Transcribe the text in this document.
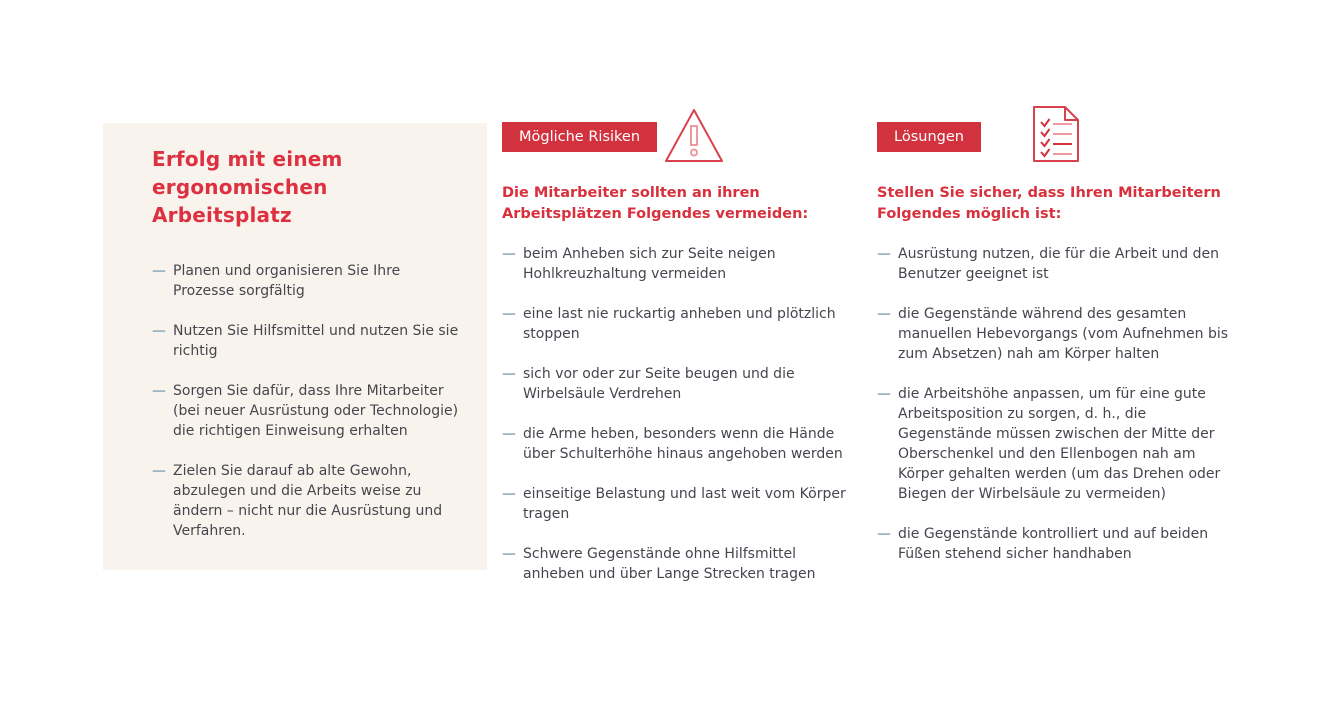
Erfolg mit einem ergonomischen Arbeitsplatz
— Planen und organisieren Sie Ihre Prozesse sorgfältig
— Nutzen Sie Hilfsmittel und nutzen Sie sie richtig
— Sorgen Sie dafür, dass Ihre Mitarbeiter (bei neuer Ausrüstung oder Technologie) die richtigen Einweisung erhalten
— Zielen Sie darauf ab alte Gewohn, abzulegen und die Arbeits weise zu ändern – nicht nur die Ausrüstung und Verfahren.
Mögliche Risiken
Die Mitarbeiter sollten an ihren Arbeitsplätzen Folgendes vermeiden:
— beim Anheben sich zur Seite neigen Hohlkreuzhaltung vermeiden
— eine last nie ruckartig anheben und plötzlich stoppen
— sich vor oder zur Seite beugen und die Wirbelsäule Verdrehen
— die Arme heben, besonders wenn die Hände über Schulterhöhe hinaus angehoben werden
— einseitige Belastung und last weit vom Körper tragen
— Schwere Gegenstände ohne Hilfsmittel anheben und über Lange Strecken tragen
Lösungen
Stellen Sie sicher, dass Ihren Mitarbeitern Folgendes möglich ist:
— Ausrüstung nutzen, die für die Arbeit und den Benutzer geeignet ist
— die Gegenstände während des gesamten manuellen Hebevorgangs (vom Aufnehmen bis zum Absetzen) nah am Körper halten
— die Arbeitshöhe anpassen, um für eine gute Arbeitsposition zu sorgen, d. h., die Gegenstände müssen zwischen der Mitte der Oberschenkel und den Ellenbogen nah am Körper gehalten werden (um das Drehen oder Biegen der Wirbelsäule zu vermeiden)
— die Gegenstände kontrolliert und auf beiden Füßen stehend sicher handhaben
